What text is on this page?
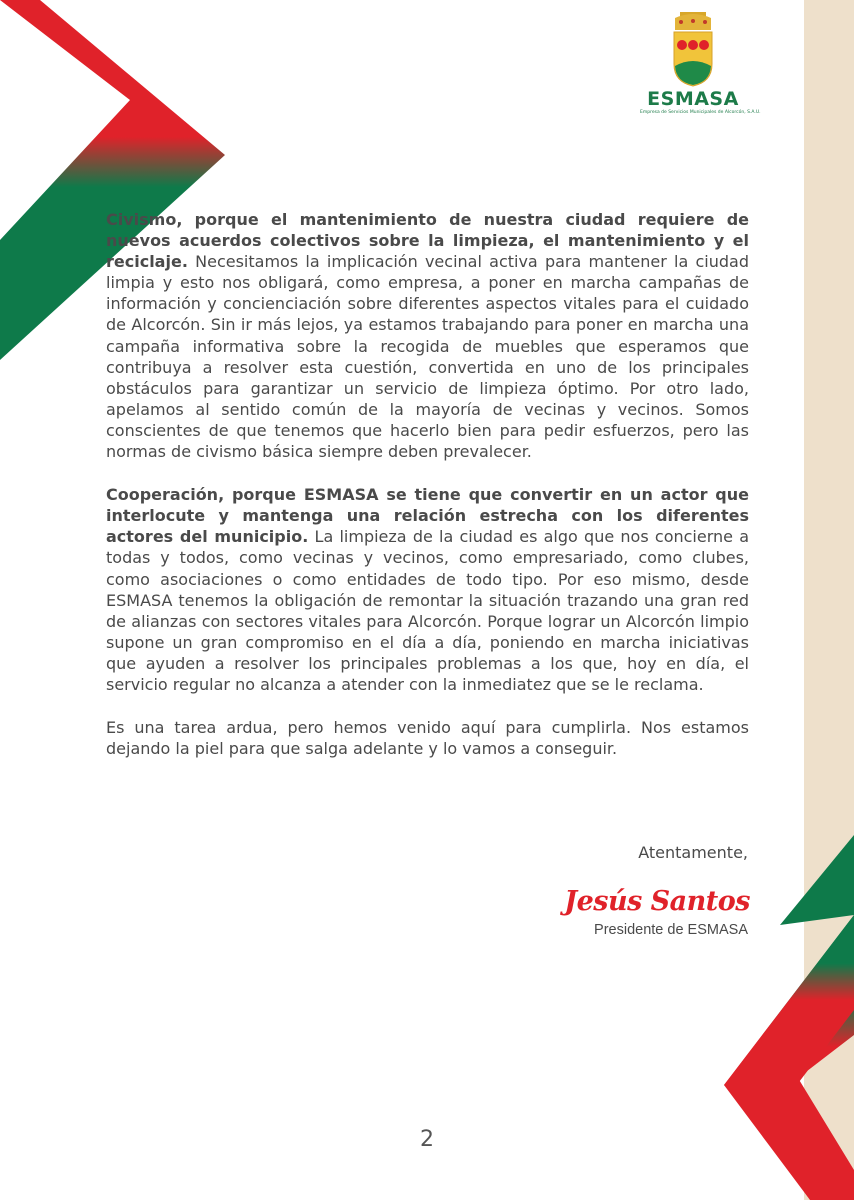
ESMASA
Empresa de Servicios Municipales de Alcorcón, S.A.U.

Civismo, porque el mantenimiento de nuestra ciudad requiere de nuevos acuerdos colectivos sobre la limpieza, el mantenimiento y el reciclaje. Necesitamos la implicación vecinal activa para mantener la ciudad limpia y esto nos obligará, como empresa, a poner en marcha campañas de información y concienciación sobre diferentes aspectos vitales para el cuidado de Alcorcón. Sin ir más lejos, ya estamos trabajando para poner en marcha una campaña informativa sobre la recogida de muebles que esperamos que contribuya a resolver esta cuestión, convertida en uno de los principales obstáculos para garantizar un servicio de limpieza óptimo. Por otro lado, apelamos al sentido común de la mayoría de vecinas y vecinos. Somos conscientes de que tenemos que hacerlo bien para pedir esfuerzos, pero las normas de civismo básica siempre deben prevalecer.

Cooperación, porque ESMASA se tiene que convertir en un actor que interlocute y mantenga una relación estrecha con los diferentes actores del municipio. La limpieza de la ciudad es algo que nos concierne a todas y todos, como vecinas y vecinos, como empresariado, como clubes, como asociaciones o como entidades de todo tipo. Por eso mismo, desde ESMASA tenemos la obligación de remontar la situación trazando una gran red de alianzas con sectores vitales para Alcorcón. Porque lograr un Alcorcón limpio supone un gran compromiso en el día a día, poniendo en marcha iniciativas que ayuden a resolver los principales problemas a los que, hoy en día, el servicio regular no alcanza a atender con la inmediatez que se le reclama.

Es una tarea ardua, pero hemos venido aquí para cumplirla. Nos estamos dejando la piel para que salga adelante y lo vamos a conseguir.

Atentamente,
Jesús Santos
Presidente de ESMASA
2
